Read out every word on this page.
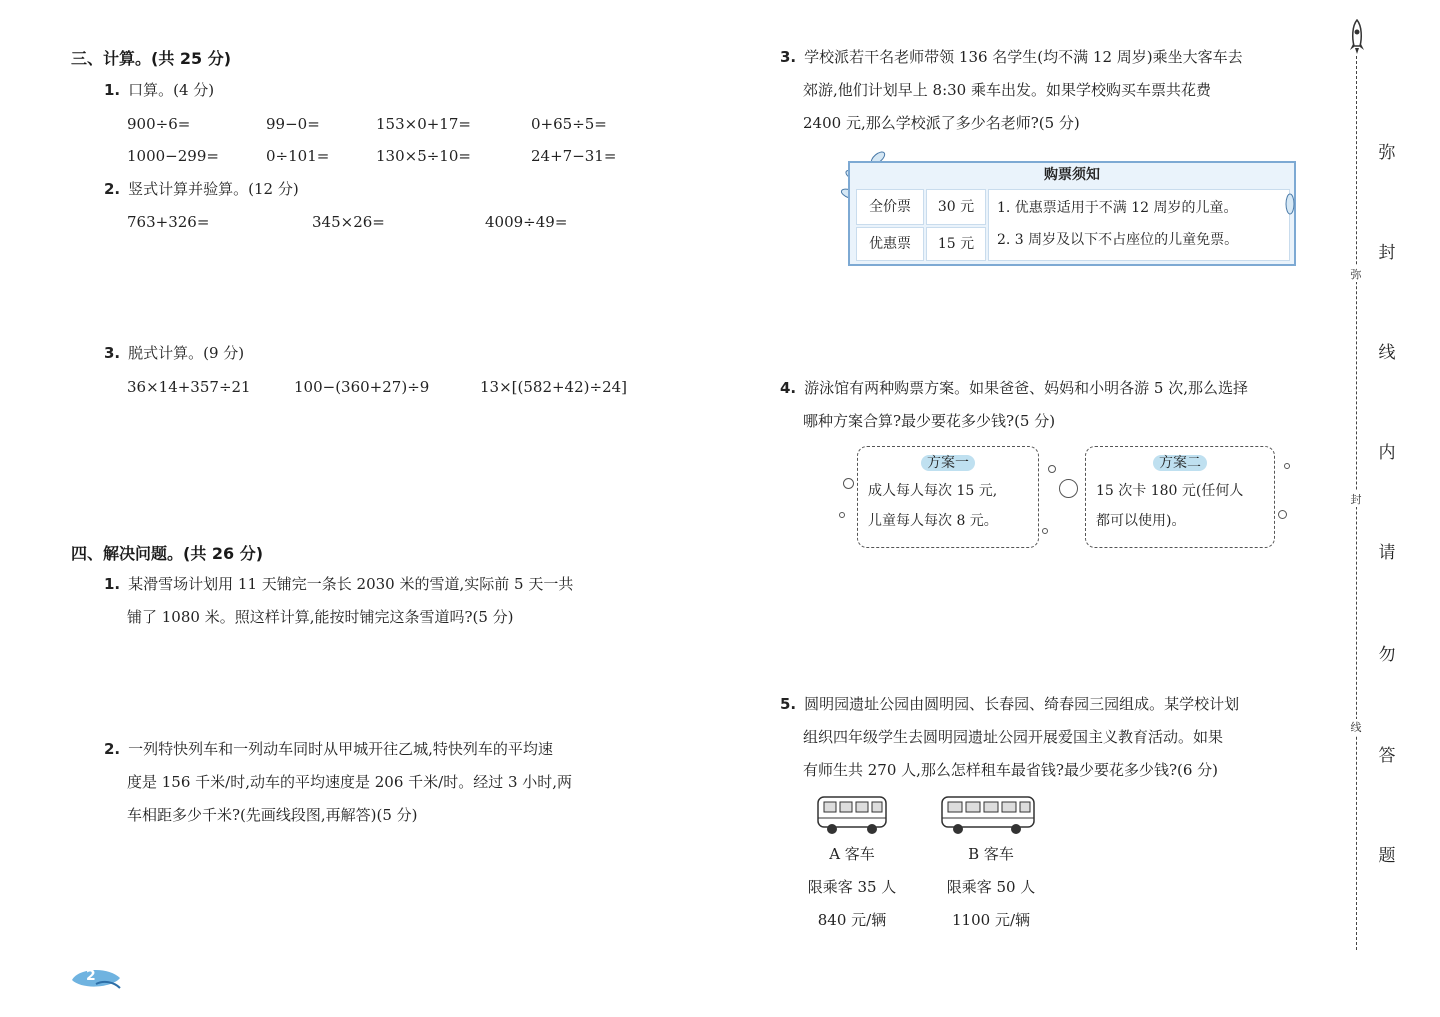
三、计算。(共 25 分)
1. 口算。(4 分)
900÷6=	99−0=	153×0+17=	0+65÷5=
1000−299=	0÷101=	130×5÷10=	24+7−31=
2. 竖式计算并验算。(12 分)
763+326=	345×26=	4009÷49=
3. 脱式计算。(9 分)
36×14+357÷21	100−(360+27)÷9	13×[(582+42)÷24]
四、解决问题。(共 26 分)
1. 某滑雪场计划用 11 天铺完一条长 2030 米的雪道,实际前 5 天一共
铺了 1080 米。照这样计算,能按时铺完这条雪道吗?(5 分)
2. 一列特快列车和一列动车同时从甲城开往乙城,特快列车的平均速
度是 156 千米/时,动车的平均速度是 206 千米/时。经过 3 小时,两
车相距多少千米?(先画线段图,再解答)(5 分)
2
3. 学校派若干名老师带领 136 名学生(均不满 12 周岁)乘坐大客车去
郊游,他们计划早上 8:30 乘车出发。如果学校购买车票共花费
2400 元,那么学校派了多少名老师?(5 分)
购票须知
全价票	30 元
优惠票	15 元
1. 优惠票适用于不满 12 周岁的儿童。
2. 3 周岁及以下不占座位的儿童免票。
4. 游泳馆有两种购票方案。如果爸爸、妈妈和小明各游 5 次,那么选择
哪种方案合算?最少要花多少钱?(5 分)
方案一
成人每人每次 15 元,
儿童每人每次 8 元。
方案二
15 次卡 180 元(任何人
都可以使用)。
5. 圆明园遗址公园由圆明园、长春园、绮春园三园组成。某学校计划
组织四年级学生去圆明园遗址公园开展爱国主义教育活动。如果
有师生共 270 人,那么怎样租车最省钱?最少要花多少钱?(6 分)
A 客车
限乘客 35 人
840 元/辆
B 客车
限乘客 50 人
1100 元/辆
弥
封
线
弥
封
线
内
请
勿
答
题
